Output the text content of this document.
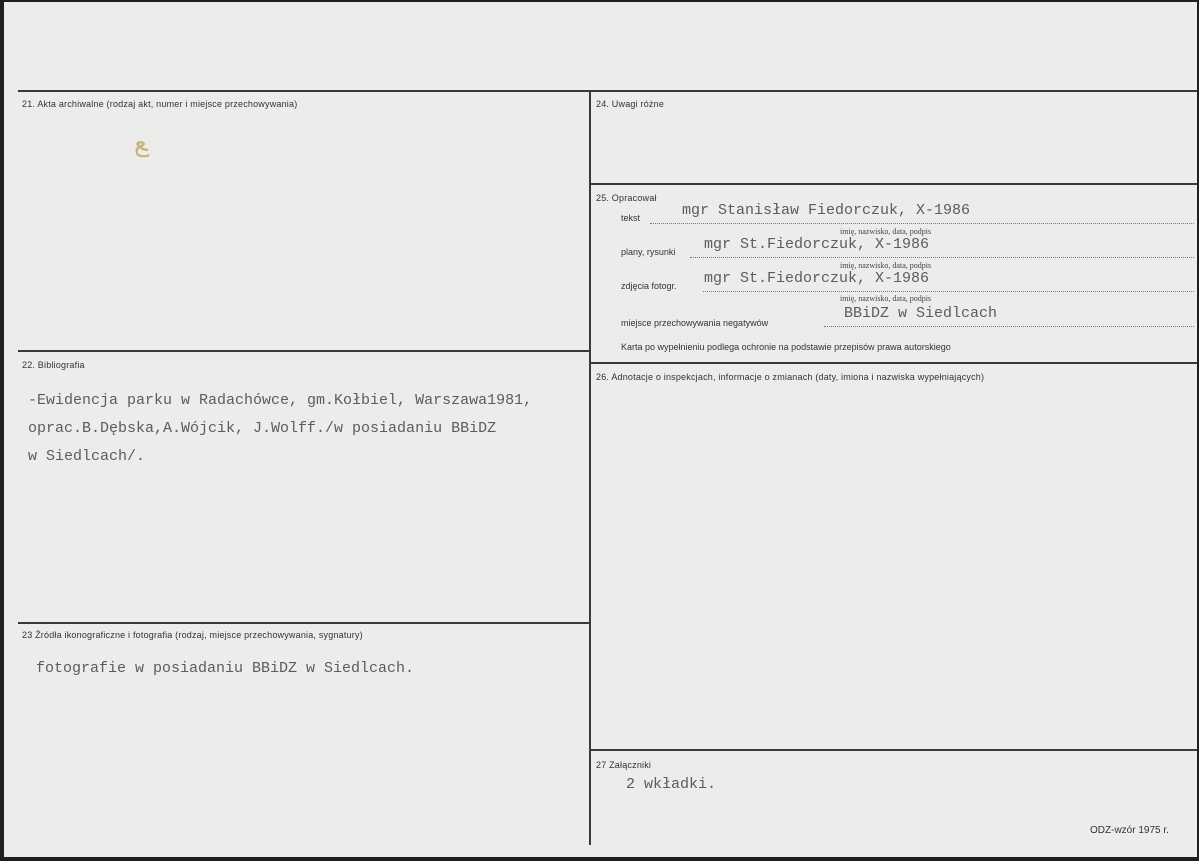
21. Akta archiwalne (rodzaj akt, numer i miejsce przechowywania)
ﻊ
22. Bibliografia
-Ewidencja parku w Radachówce, gm.Kołbiel, Warszawa1981,
oprac.B.Dębska,A.Wójcik, J.Wolff./w posiadaniu BBiDZ
w Siedlcach/.
23 Źródła ikonograficzne i fotografia (rodzaj, miejsce przechowywania, sygnatury)
fotografie w posiadaniu BBiDZ w Siedlcach.
24. Uwagi różne
25. Opracował
tekst	mgr Stanisław Fiedorczuk, X-1986
imię, nazwisko, data, podpis
plany, rysunki mgr St.Fiedorczuk, X-1986
imię, nazwisko, data, podpis
zdjęcia fotogr. mgr St.Fiedorczuk, X-1986
imię, nazwisko, data, podpis
miejsce przechowywania negatywów
BBiDZ w Siedlcach
Karta po wypełnieniu podlega ochronie na podstawie przepisów prawa autorskiego
26. Adnotacje o inspekcjach, informacje o zmianach (daty, imiona i nazwiska wypełniających)
27 Załączniki
2 wkładki.
ODZ-wzór 1975 r.
